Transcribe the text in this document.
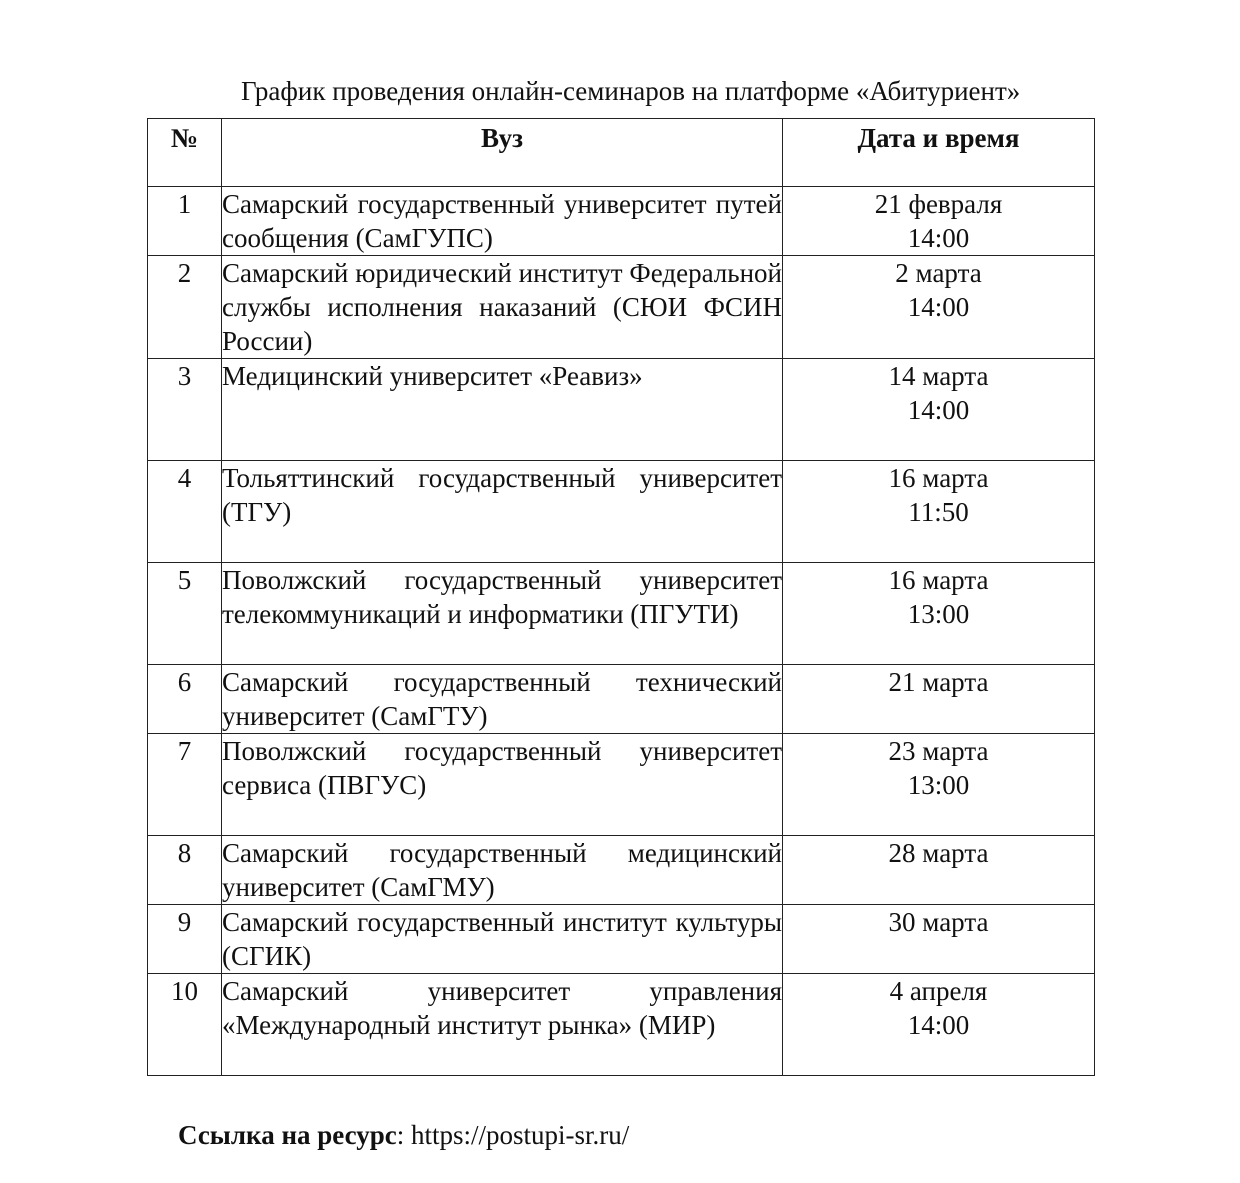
График проведения онлайн-семинаров на платформе «Абитуриент»
№	Вуз	Дата и время
1	Самарский государственный университет путей сообщения (СамГУПС)	21 февраля
14:00

2	Самарский юридический институт Федеральной службы исполнения наказаний (СЮИ ФСИН России)	2 марта
14:00

3	Медицинский университет «Реавиз»	14 марта
14:00

4	Тольяттинский государственный университет (ТГУ)	16 марта
11:50

5	Поволжский государственный университет телекоммуникаций и информатики (ПГУТИ)	16 марта
13:00

6	Самарский государственный технический университет (СамГТУ)	21 марта

7	Поволжский государственный университет сервиса (ПВГУС)	23 марта
13:00

8	Самарский государственный медицинский университет (СамГМУ)	28 марта

9	Самарский государственный институт культуры (СГИК)	30 марта

10	Самарский университет управления «Международный институт рынка» (МИР)	4 апреля
14:00
Ссылка на ресурс: https://postupi-sr.ru/
